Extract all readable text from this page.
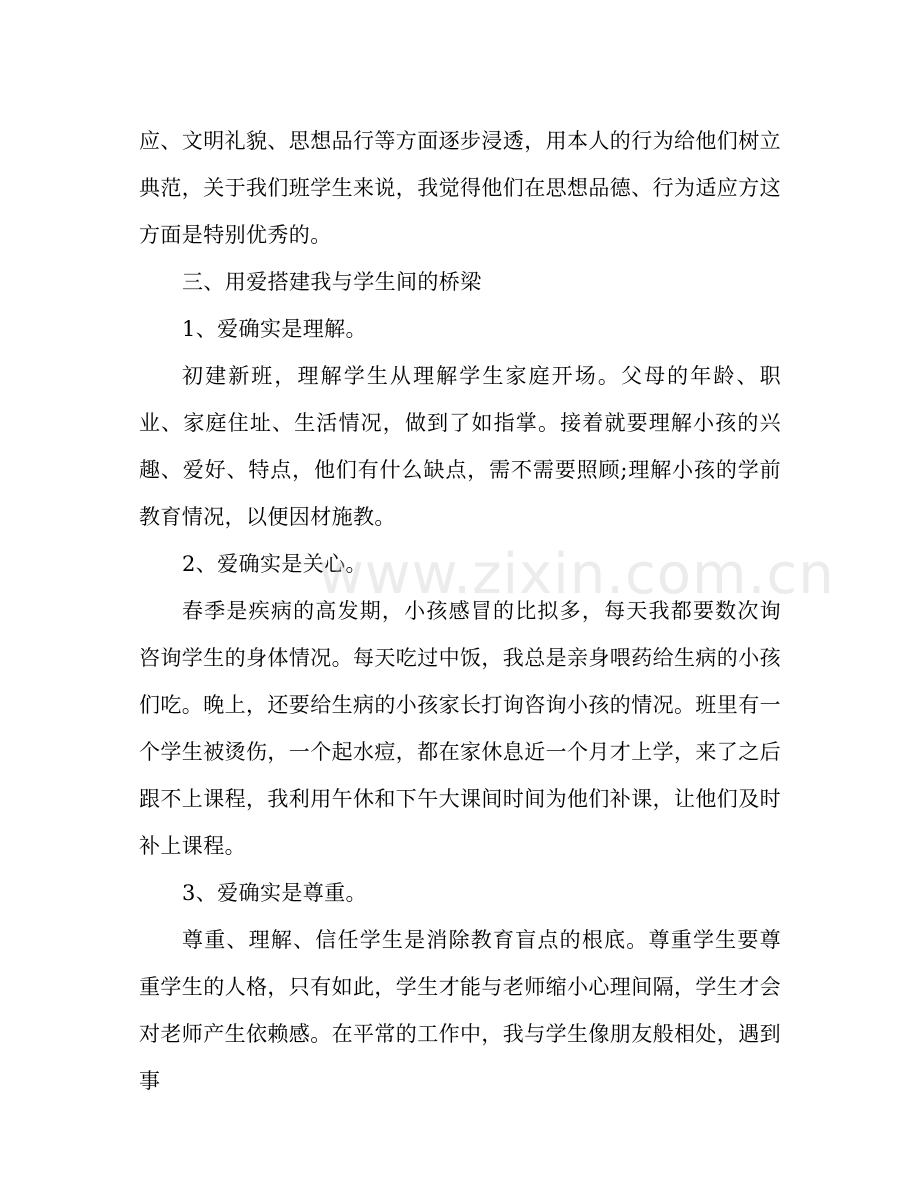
应、文明礼貌、思想品行等方面逐步浸透，用本人的行为给他们树立典范，关于我们班学生来说，我觉得他们在思想品德、行为适应方这方面是特别优秀的。

三、用爱搭建我与学生间的桥梁

1、爱确实是理解。

初建新班，理解学生从理解学生家庭开场。父母的年龄、职业、家庭住址、生活情况，做到了如指掌。接着就要理解小孩的兴趣、爱好、特点，他们有什么缺点，需不需要照顾;理解小孩的学前教育情况，以便因材施教。

2、爱确实是关心。

春季是疾病的高发期，小孩感冒的比拟多，每天我都要数次询咨询学生的身体情况。每天吃过中饭，我总是亲身喂药给生病的小孩们吃。晚上，还要给生病的小孩家长打询咨询小孩的情况。班里有一个学生被烫伤，一个起水痘，都在家休息近一个月才上学，来了之后跟不上课程，我利用午休和下午大课间时间为他们补课，让他们及时补上课程。

3、爱确实是尊重。

尊重、理解、信任学生是消除教育盲点的根底。尊重学生要尊重学生的人格，只有如此，学生才能与老师缩小心理间隔，学生才会对老师产生依赖感。在平常的工作中，我与学生像朋友般相处，遇到事

www.zixin.com.cn
